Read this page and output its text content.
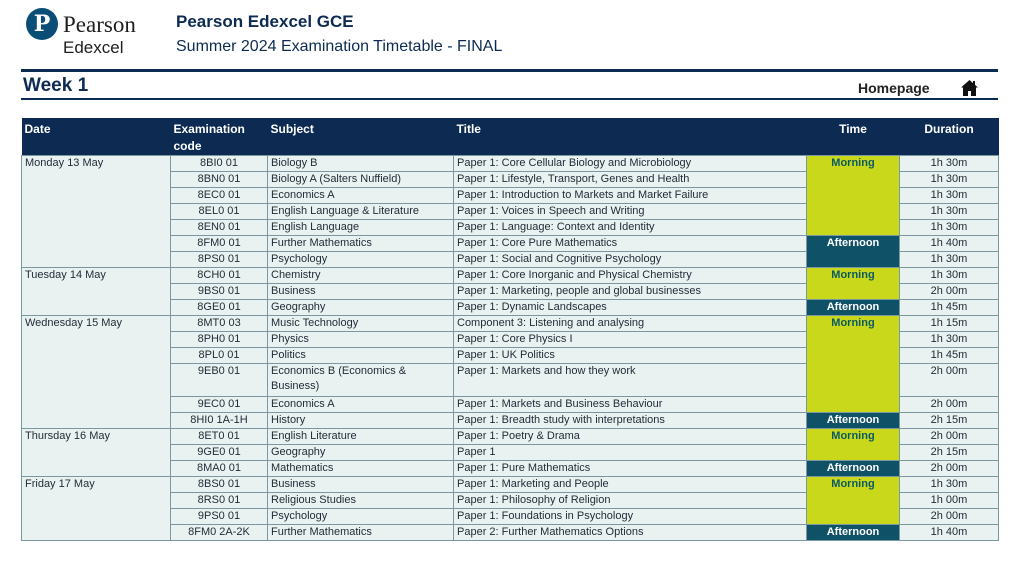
P Pearson
Edexcel
Pearson Edexcel GCE
Summer 2024 Examination Timetable - FINAL
Week 1	Homepage
Date	Examination code	Subject	Title	Time	Duration
Monday 13 May	8BI0 01	Biology B	Paper 1: Core Cellular Biology and Microbiology	Morning	1h 30m
	8BN0 01	Biology A (Salters Nuffield)	Paper 1: Lifestyle, Transport, Genes and Health		1h 30m
	8EC0 01	Economics A	Paper 1: Introduction to Markets and Market Failure		1h 30m
	8EL0 01	English Language & Literature	Paper 1: Voices in Speech and Writing		1h 30m
	8EN0 01	English Language	Paper 1: Language: Context and Identity		1h 30m
	8FM0 01	Further Mathematics	Paper 1: Core Pure Mathematics	Afternoon	1h 40m
	8PS0 01	Psychology	Paper 1: Social and Cognitive Psychology		1h 30m
Tuesday 14 May	8CH0 01	Chemistry	Paper 1: Core Inorganic and Physical Chemistry	Morning	1h 30m
	9BS0 01	Business	Paper 1: Marketing, people and global businesses		2h 00m
	8GE0 01	Geography	Paper 1: Dynamic Landscapes	Afternoon	1h 45m
Wednesday 15 May	8MT0 03	Music Technology	Component 3: Listening and analysing	Morning	1h 15m
	8PH0 01	Physics	Paper 1: Core Physics I		1h 30m
	8PL0 01	Politics	Paper 1: UK Politics		1h 45m
	9EB0 01	Economics B (Economics & Business)	Paper 1: Markets and how they work		2h 00m
	9EC0 01	Economics A	Paper 1: Markets and Business Behaviour		2h 00m
	8HI0 1A-1H	History	Paper 1: Breadth study with interpretations	Afternoon	2h 15m
Thursday 16 May	8ET0 01	English Literature	Paper 1: Poetry & Drama	Morning	2h 00m
	9GE0 01	Geography	Paper 1		2h 15m
	8MA0 01	Mathematics	Paper 1: Pure Mathematics	Afternoon	2h 00m
Friday 17 May	8BS0 01	Business	Paper 1: Marketing and People	Morning	1h 30m
	8RS0 01	Religious Studies	Paper 1: Philosophy of Religion		1h 00m
	9PS0 01	Psychology	Paper 1: Foundations in Psychology		2h 00m
	8FM0 2A-2K	Further Mathematics	Paper 2: Further Mathematics Options	Afternoon	1h 40m
